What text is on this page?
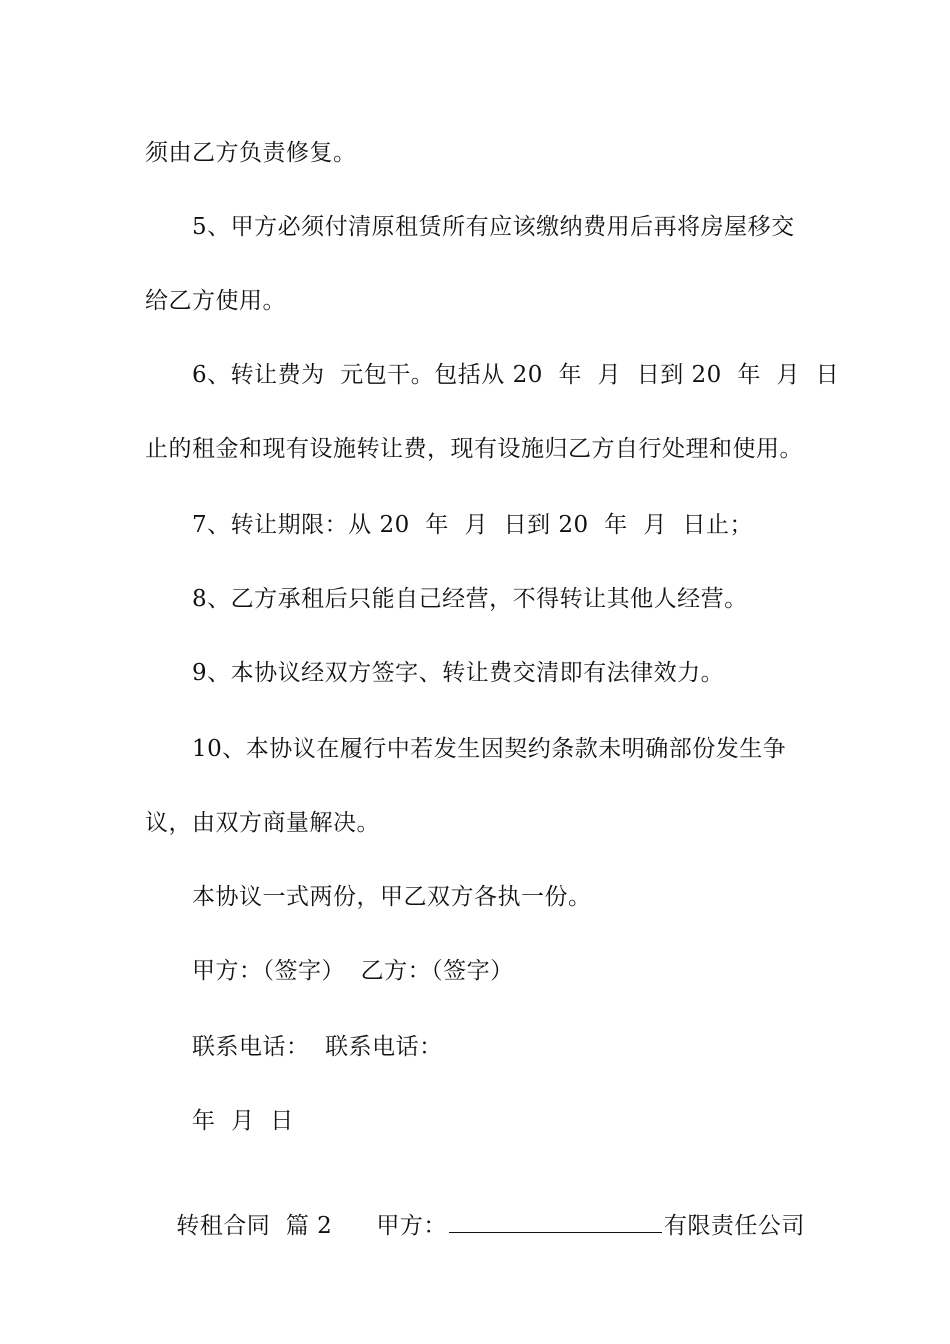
须由乙方负责修复。
5、甲方必须付清原租赁所有应该缴纳费用后再将房屋移交
给乙方使用。
6、转让费为  元包干。包括从 20  年  月  日到 20  年  月  日
止的租金和现有设施转让费，现有设施归乙方自行处理和使用。
7、转让期限：从 20  年  月  日到 20  年  月  日止；
8、乙方承租后只能自己经营，不得转让其他人经营。
9、本协议经双方签字、转让费交清即有法律效力。
10、本协议在履行中若发生因契约条款未明确部份发生争
议，由双方商量解决。
本协议一式两份，甲乙双方各执一份。
甲方：（签字）  乙方：（签字）
联系电话：  联系电话：
年  月  日

转租合同  篇 2 甲方：	有限责任公司
